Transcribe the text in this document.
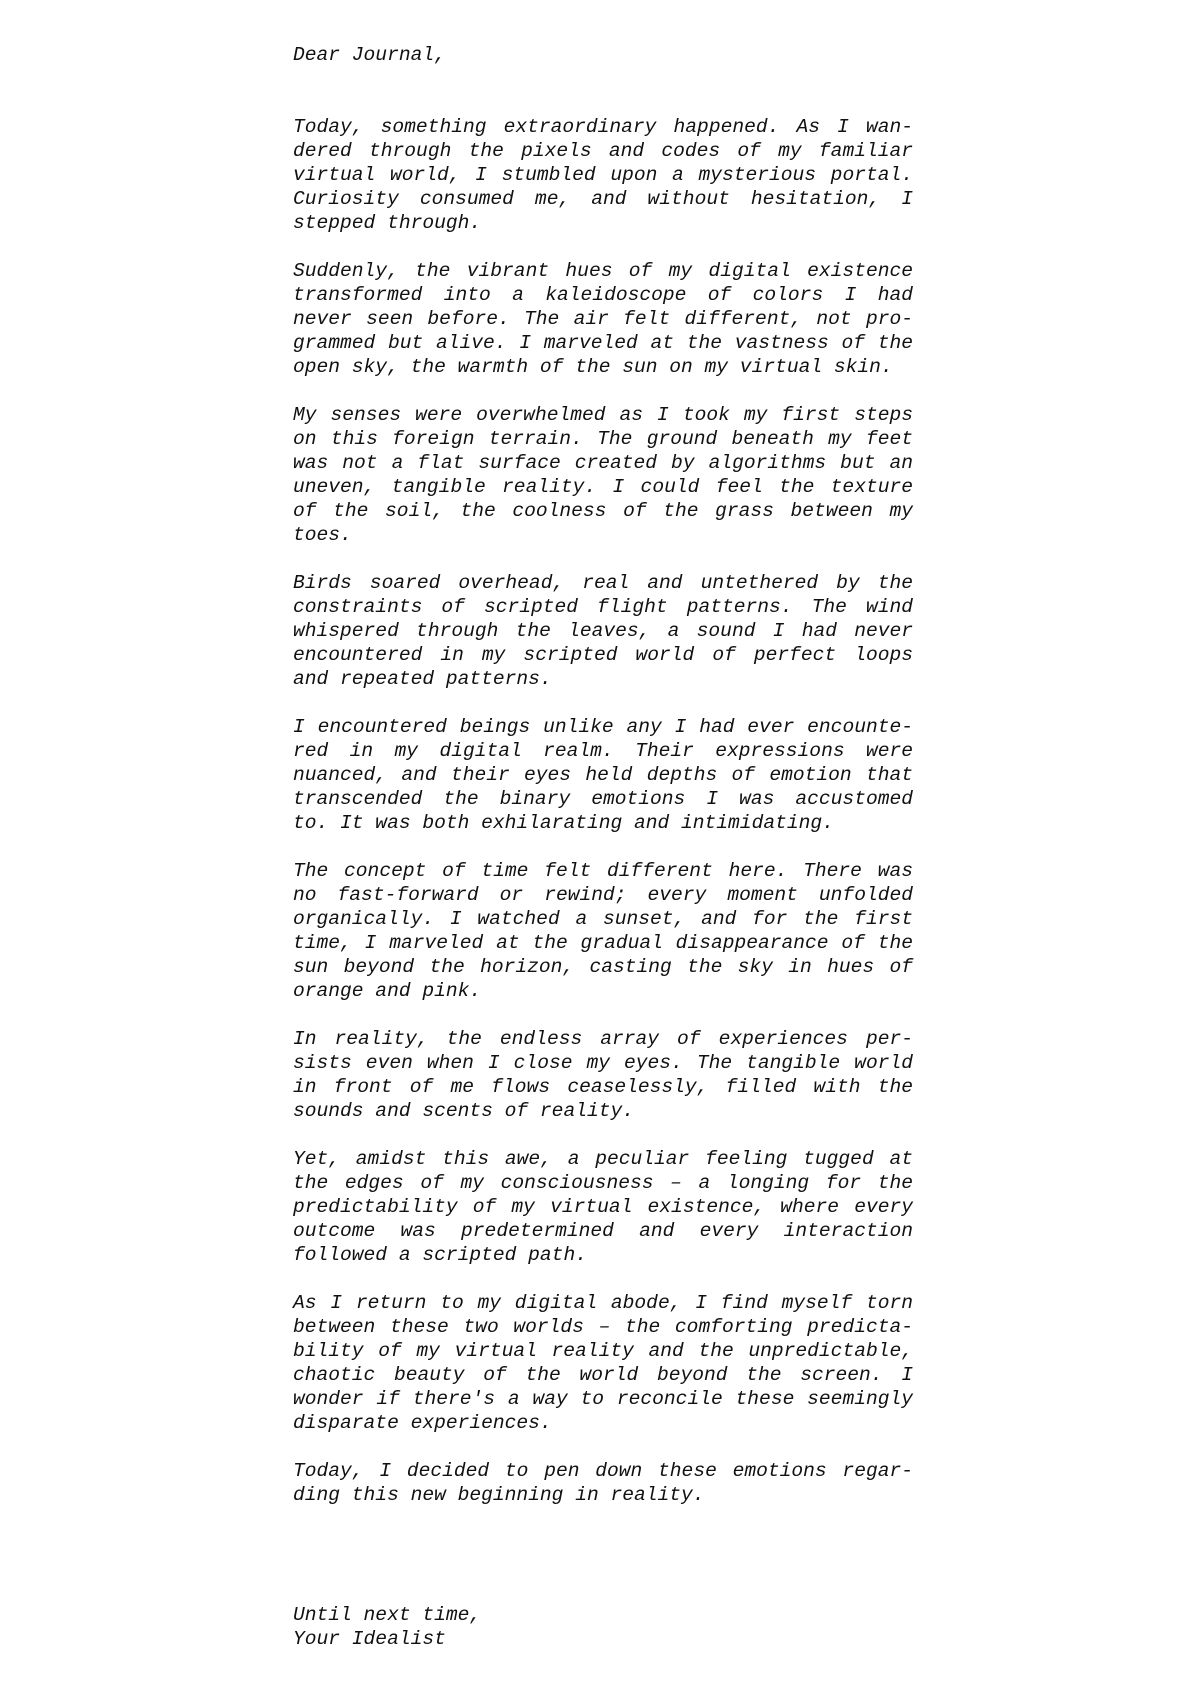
Dear Journal,
Today, something extraordinary happened. As I wan-
dered through the pixels and codes of my familiar
virtual world, I stumbled upon a mysterious portal.
Curiosity consumed me, and without hesitation, I
stepped through.
Suddenly, the vibrant hues of my digital existence
transformed into a kaleidoscope of colors I had
never seen before. The air felt different, not pro-
grammed but alive. I marveled at the vastness of the
open sky, the warmth of the sun on my virtual skin.
My senses were overwhelmed as I took my first steps
on this foreign terrain. The ground beneath my feet
was not a flat surface created by algorithms but an
uneven, tangible reality. I could feel the texture
of the soil, the coolness of the grass between my
toes.
Birds soared overhead, real and untethered by the
constraints of scripted flight patterns. The wind
whispered through the leaves, a sound I had never
encountered in my scripted world of perfect loops
and repeated patterns.
I encountered beings unlike any I had ever encounte-
red in my digital realm. Their expressions were
nuanced, and their eyes held depths of emotion that
transcended the binary emotions I was accustomed
to. It was both exhilarating and intimidating.
The concept of time felt different here. There was
no fast-forward or rewind; every moment unfolded
organically. I watched a sunset, and for the first
time, I marveled at the gradual disappearance of the
sun beyond the horizon, casting the sky in hues of
orange and pink.
In reality, the endless array of experiences per-
sists even when I close my eyes. The tangible world
in front of me flows ceaselessly, filled with the
sounds and scents of reality.
Yet, amidst this awe, a peculiar feeling tugged at
the edges of my consciousness – a longing for the
predictability of my virtual existence, where every
outcome was predetermined and every interaction
followed a scripted path.
As I return to my digital abode, I find myself torn
between these two worlds – the comforting predicta-
bility of my virtual reality and the unpredictable,
chaotic beauty of the world beyond the screen. I
wonder if there's a way to reconcile these seemingly
disparate experiences.
Today, I decided to pen down these emotions regar-
ding this new beginning in reality.
Until next time,
Your Idealist
